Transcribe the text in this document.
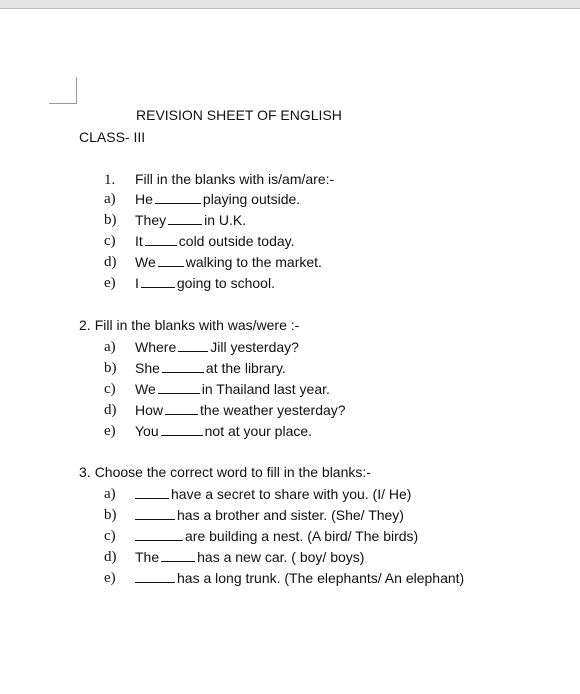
REVISION SHEET OF ENGLISH
CLASS- III
1. Fill in the blanks with is/am/are:-
a) He	playing outside.
b) They	in U.K.
c) It	cold outside today.
d) We walking to the market.
e) I	going to school.
2. Fill in the blanks with was/were :-
a) Where Jill yesterday?
b) She	at the library.
c) We	in Thailand last year.
d) How	the weather yesterday?
e) You	not at your place.
3. Choose the correct word to fill in the blanks:-
a)	have a secret to share with you. (I/ He)
b)	has a brother and sister. (She/ They)
c)	are building a nest. (A bird/ The birds)
d) The	has a new car. ( boy/ boys)
e)	has a long trunk. (The elephants/ An elephant)
